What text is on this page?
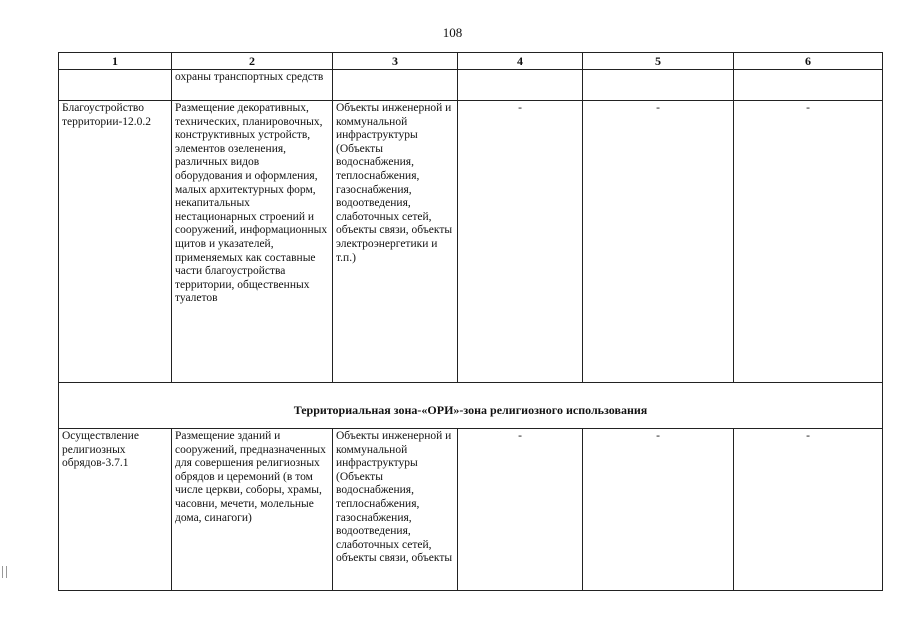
108
1	2	3	4	5	6
	охраны транспортных средств				
Благоустройство территории-12.0.2	Размещение декоративных, технических, планировочных, конструктивных устройств, элементов озеленения, различных видов оборудования и оформления, малых архитектурных форм, некапитальных нестационарных строений и сооружений, информационных щитов и указателей, применяемых как составные части благоустройства территории, общественных туалетов	Объекты инженерной и коммунальной инфраструктуры (Объекты водоснабжения, теплоснабжения, газоснабжения, водоотведения, слаботочных сетей, объекты связи, объекты электроэнергетики и т.п.)	-	-	-
Территориальная зона-«ОРИ»-зона религиозного использования					
Осуществление религиозных обрядов-3.7.1	Размещение зданий и сооружений, предназначенных для совершения религиозных обрядов и церемоний (в том числе церкви, соборы, храмы, часовни, мечети, молельные дома, синагоги)	Объекты инженерной и коммунальной инфраструктуры (Объекты водоснабжения, теплоснабжения, газоснабжения, водоотведения, слаботочных сетей, объекты связи, объекты	-	-	-
